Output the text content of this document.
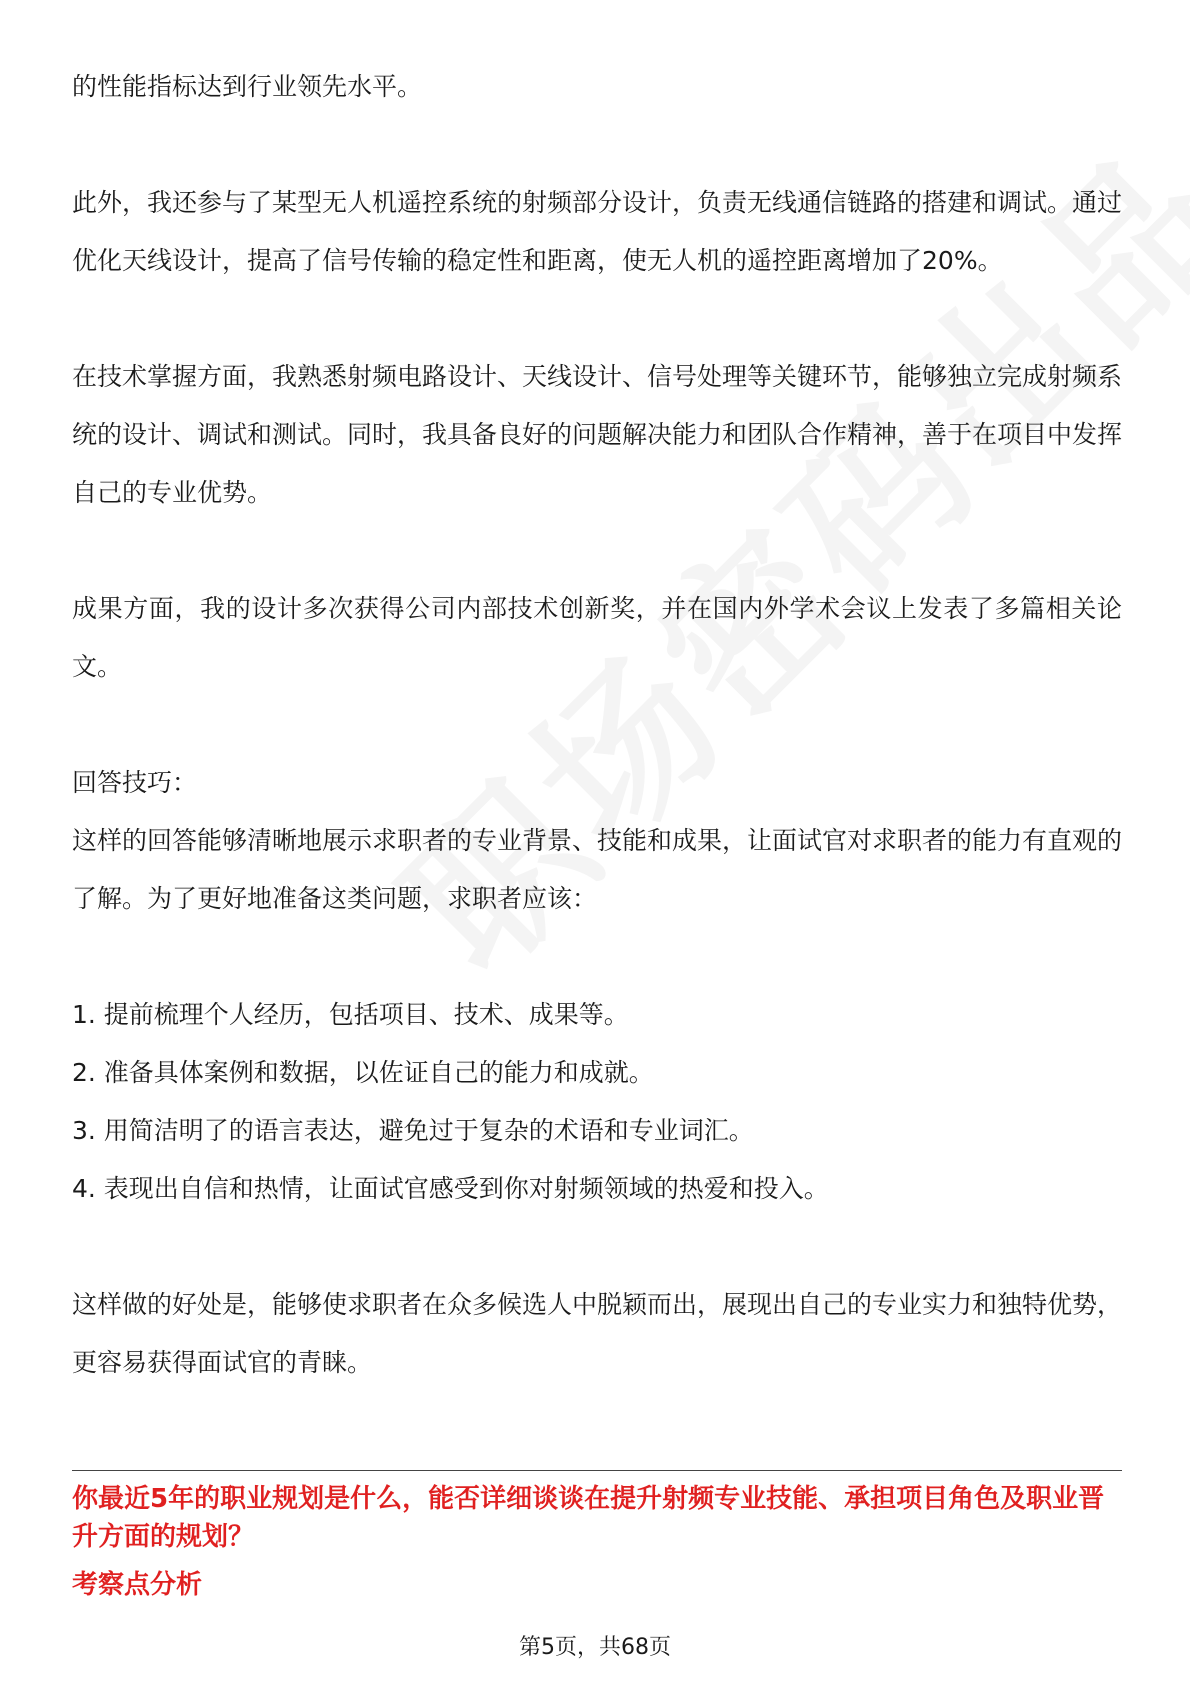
的性能指标达到行业领先水平。

此外，我还参与了某型无人机遥控系统的射频部分设计，负责无线通信链路的搭建和调试。通过优化天线设计，提高了信号传输的稳定性和距离，使无人机的遥控距离增加了20%。

在技术掌握方面，我熟悉射频电路设计、天线设计、信号处理等关键环节，能够独立完成射频系统的设计、调试和测试。同时，我具备良好的问题解决能力和团队合作精神，善于在项目中发挥自己的专业优势。

成果方面，我的设计多次获得公司内部技术创新奖，并在国内外学术会议上发表了多篇相关论文。

回答技巧：

这样的回答能够清晰地展示求职者的专业背景、技能和成果，让面试官对求职者的能力有直观的了解。为了更好地准备这类问题，求职者应该：

1. 提前梳理个人经历，包括项目、技术、成果等。

2. 准备具体案例和数据，以佐证自己的能力和成就。

3. 用简洁明了的语言表达，避免过于复杂的术语和专业词汇。

4. 表现出自信和热情，让面试官感受到你对射频领域的热爱和投入。

这样做的好处是，能够使求职者在众多候选人中脱颖而出，展现出自己的专业实力和独特优势，更容易获得面试官的青睐。

你最近5年的职业规划是什么，能否详细谈谈在提升射频专业技能、承担项目角色及职业晋升方面的规划？

考察点分析

第5页，共68页
